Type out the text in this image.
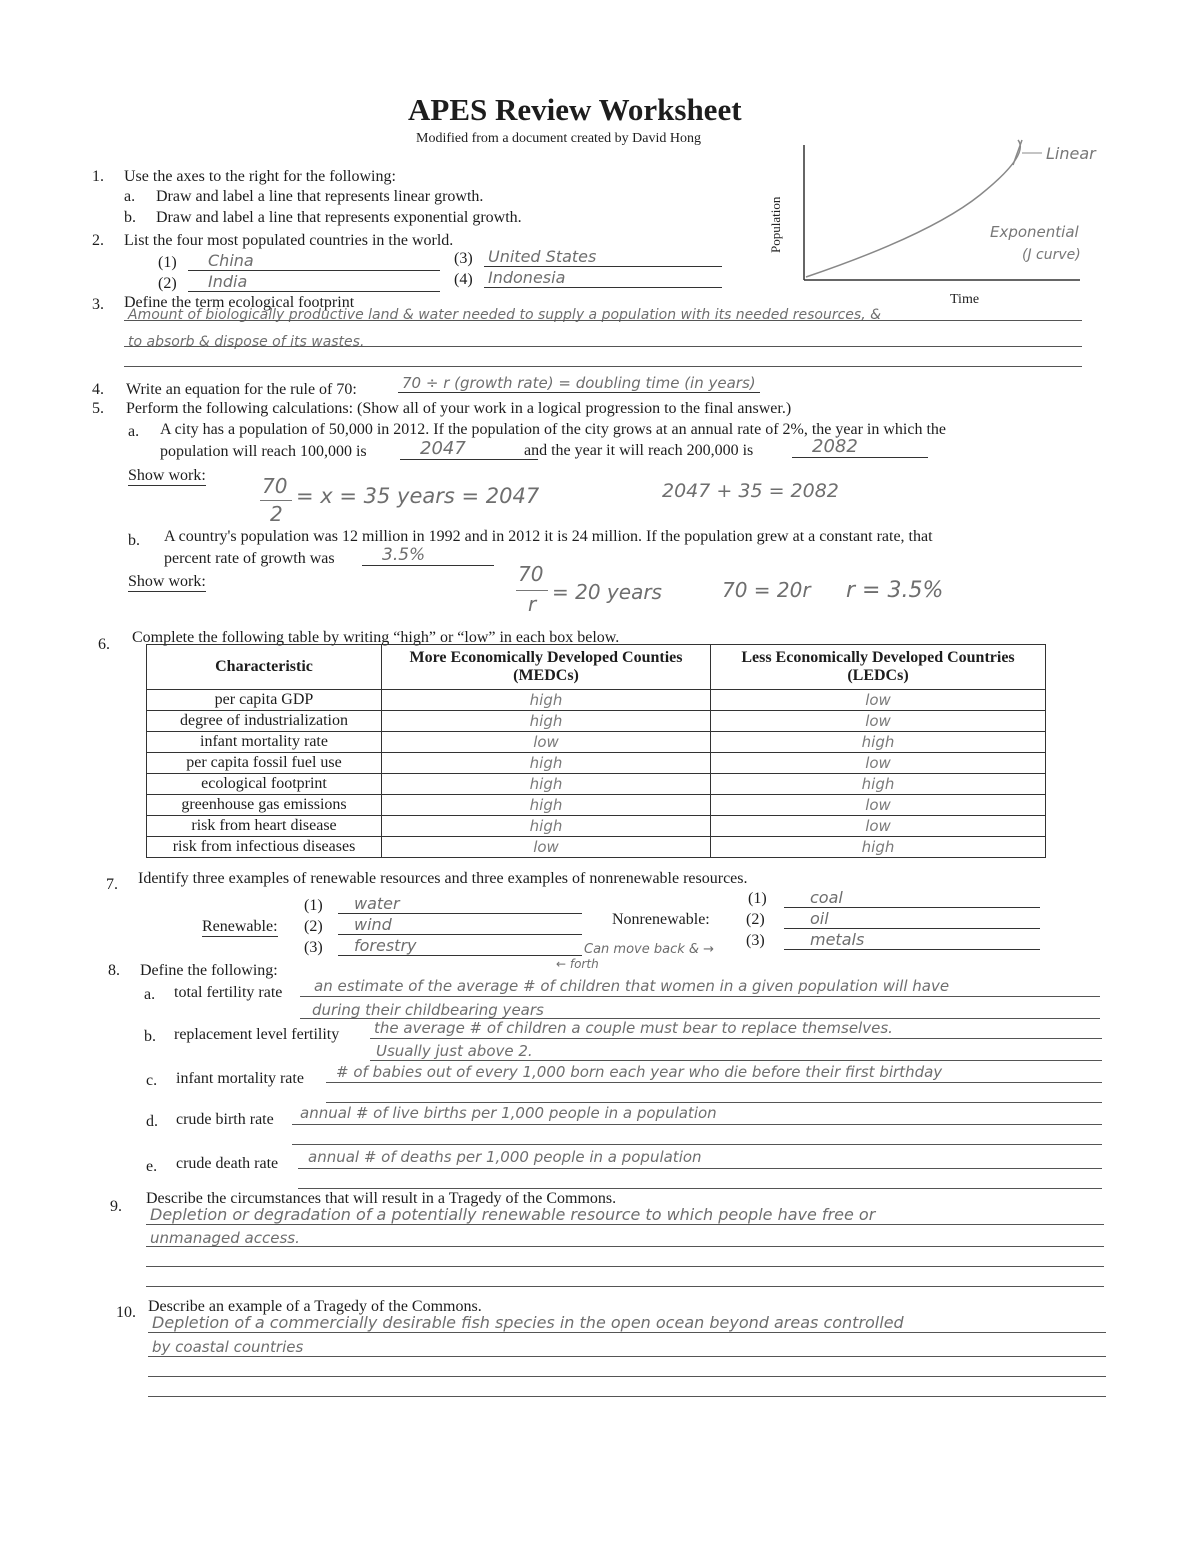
APES Review Worksheet
Modified from a document created by David Hong
Population
Time
Linear
Exponential
(J curve)
1. Use the axes to the right for the following:
a. Draw and label a line that represents linear growth.
b. Draw and label a line that represents exponential growth.
2. List the four most populated countries in the world.
(1)	China
(2)	India
(3) United States
(4) Indonesia
3. Define the term ecological footprint
Amount of biologically productive land & water needed to supply a population with its needed resources, &
to absorb & dispose of its wastes.
4. Write an equation for the rule of 70:	70 ÷ r (growth rate) = doubling time (in years)
5. Perform the following calculations: (Show all of your work in a logical progression to the final answer.)
a. A city has a population of 50,000 in 2012. If the population of the city grows at an annual rate of 2%, the year in which the
population will reach 100,000 is	2047	and the year it will reach 200,000 is	2082
Show work:	70
2
= x = 35 years = 2047	2047 + 35 = 2082
b. A country's population was 12 million in 1992 and in 2012 it is 24 million. If the population grew at a constant rate, that
percent rate of growth was	3.5%
Show work:	70
r = 20 years	70 = 20r r = 3.5%
6. Complete the following table by writing “high” or “low” in each box below.
Characteristic	More Economically Developed Counties (MEDCs)	Less Economically Developed Countries (LEDCs)
per capita GDP	high	low
degree of industrialization	high	low
infant mortality rate	low	high
per capita fossil fuel use	high	low
ecological footprint	high	high
greenhouse gas emissions	high	low
risk from heart disease	high	low
risk from infectious diseases	low	high
7. Identify three examples of renewable resources and three examples of nonrenewable resources.
(1)	water
Renewable: (2)	wind
(3)	forestry
(1)	coal
Nonrenewable: (2)	oil
(3)	metals
Can move back & →
← forth
8. Define the following:
a. total fertility rate an estimate of the average # of children that women in a given population will have
during their childbearing years
b. replacement level fertility the average # of children a couple must bear to replace themselves.
Usually just above 2.
c. infant mortality rate # of babies out of every 1,000 born each year who die before their first birthday
d. crude birth rate annual # of live births per 1,000 people in a population
e. crude death rate annual # of deaths per 1,000 people in a population
9. Describe the circumstances that will result in a Tragedy of the Commons.
Depletion or degradation of a potentially renewable resource to which people have free or
unmanaged access.
10. Describe an example of a Tragedy of the Commons.
Depletion of a commercially desirable fish species in the open ocean beyond areas controlled
by coastal countries
